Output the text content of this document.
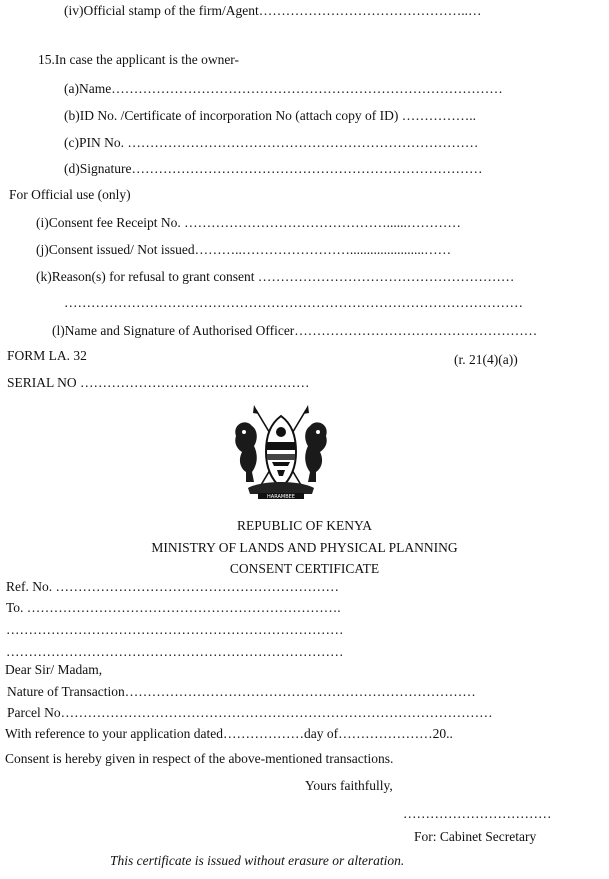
(iv)Official stamp of the firm/Agent………………………………………..…
15.In case the applicant is the owner-
(a)Name……………………………………………………………………………
(b)ID No. /Certificate of incorporation No (attach copy of ID) ……………..
(c)PIN No. ……………………………………………………………………
(d)Signature……………………………………………………………………
For Official use (only)
(i)Consent fee Receipt No. ………………………………………......…………
(j)Consent issued/ Not issued………..……………………......................……
(k)Reason(s) for refusal to grant consent …………………………………………………
…………………………………………………………………………………………
(l)Name and Signature of Authorised Officer………………………………………………
FORM LA. 32	(r. 21(4)(a))
SERIAL NO ……………………………………………
HARAMBEE
REPUBLIC OF KENYA
MINISTRY OF LANDS AND PHYSICAL PLANNING
CONSENT CERTIFICATE
Ref. No. ………………………………………………………
To. …………………………………………………………….
…………………………………………………………………
…………………………………………………………………
Dear Sir/ Madam,
Nature of Transaction……………………………………………………………………
Parcel No……………………………………………………………………………………
With reference to your application dated………………day of…………………20..
Consent is hereby given in respect of the above-mentioned transactions.
Yours faithfully,
……………………………
For: Cabinet Secretary
This certificate is issued without erasure or alteration.
